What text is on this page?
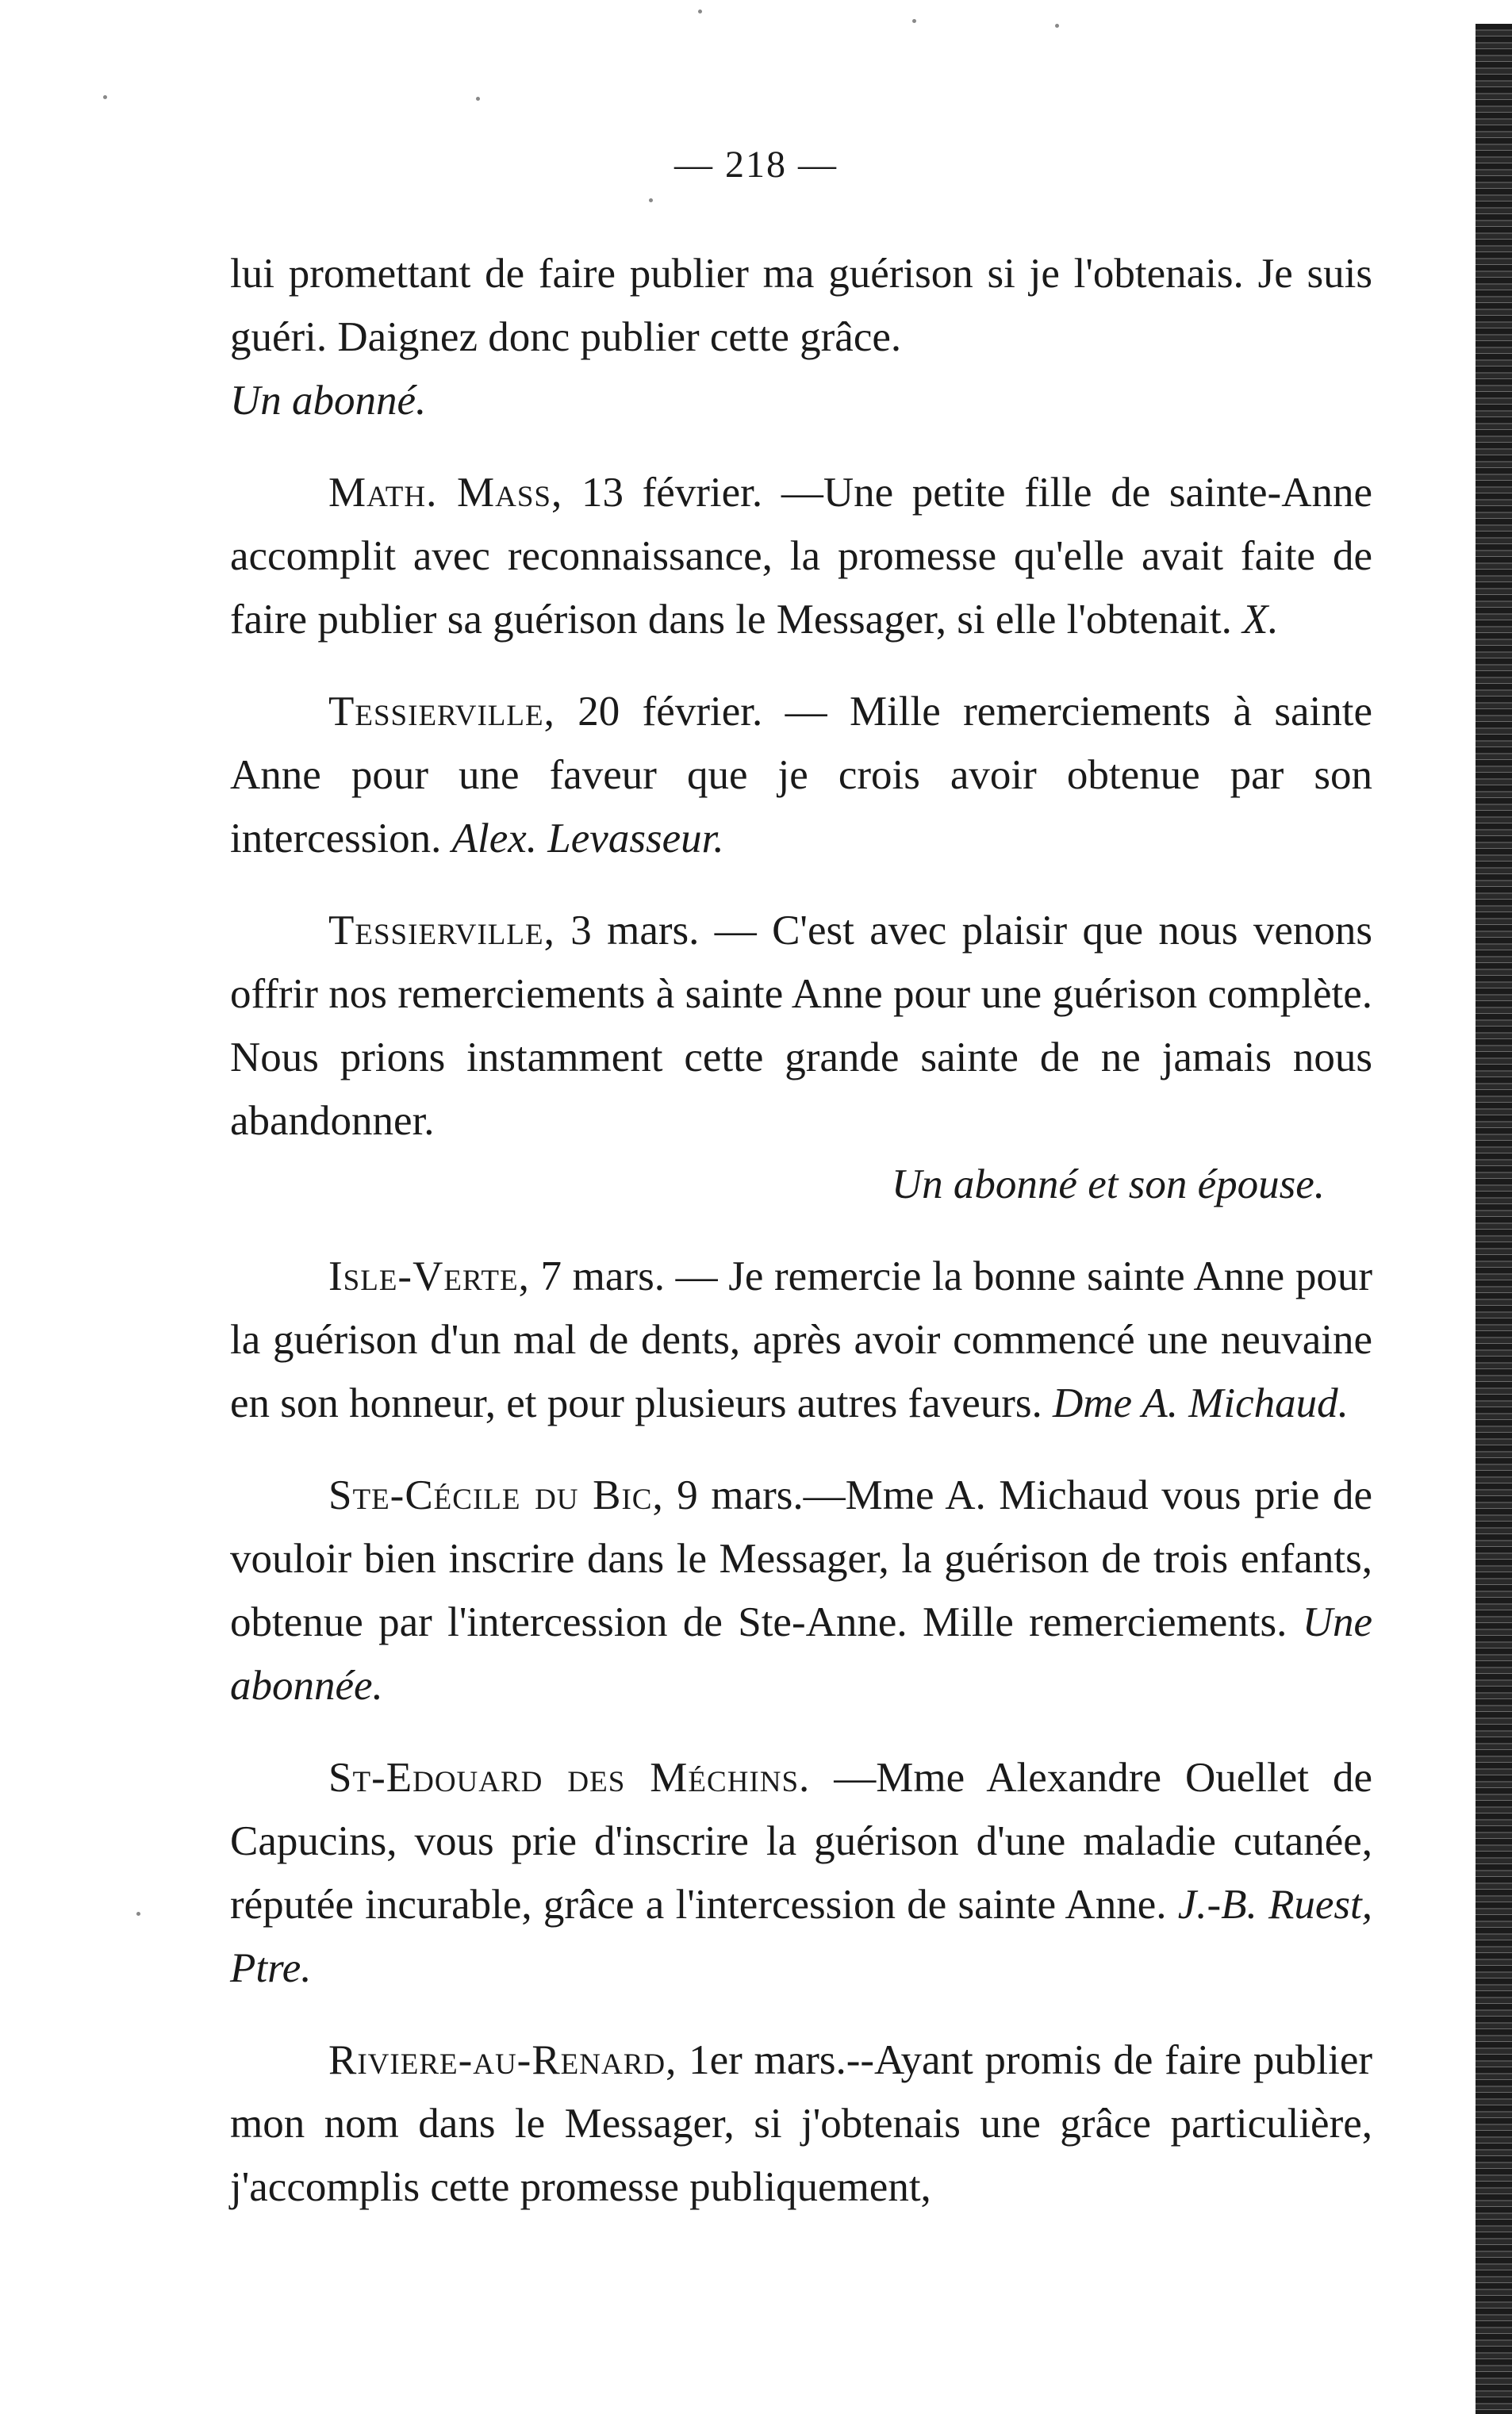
— 218 —

lui promettant de faire publier ma guérison si je l'obtenais. Je suis guéri. Daignez donc publier cette grâce.
Un abonné.

Math. Mass, 13 février. —Une petite fille de sainte-Anne accomplit avec reconnaissance, la promesse qu'elle avait faite de faire publier sa guérison dans le Messager, si elle l'obtenait. X.

Tessierville, 20 février. — Mille remerciements à sainte Anne pour une faveur que je crois avoir obtenue par son intercession. Alex. Levasseur.

Tessierville, 3 mars. — C'est avec plaisir que nous venons offrir nos remerciements à sainte Anne pour une guérison complète. Nous prions instamment cette grande sainte de ne jamais nous abandonner.
Un abonné et son épouse.

Isle-Verte, 7 mars. — Je remercie la bonne sainte Anne pour la guérison d'un mal de dents, après avoir commencé une neuvaine en son honneur, et pour plusieurs autres faveurs. Dme A. Michaud.

Ste-Cécile du Bic, 9 mars.—Mme A. Michaud vous prie de vouloir bien inscrire dans le Messager, la guérison de trois enfants, obtenue par l'intercession de Ste-Anne. Mille remerciements. Une abonnée.

St-Edouard des Méchins. —Mme Alexandre Ouellet de Capucins, vous prie d'inscrire la guérison d'une maladie cutanée, réputée incurable, grâce a l'intercession de sainte Anne. J.-B. Ruest, Ptre.

Riviere-au-Renard, 1er mars.--Ayant promis de faire publier mon nom dans le Messager, si j'obtenais une grâce particulière, j'accomplis cette promesse publiquement,
